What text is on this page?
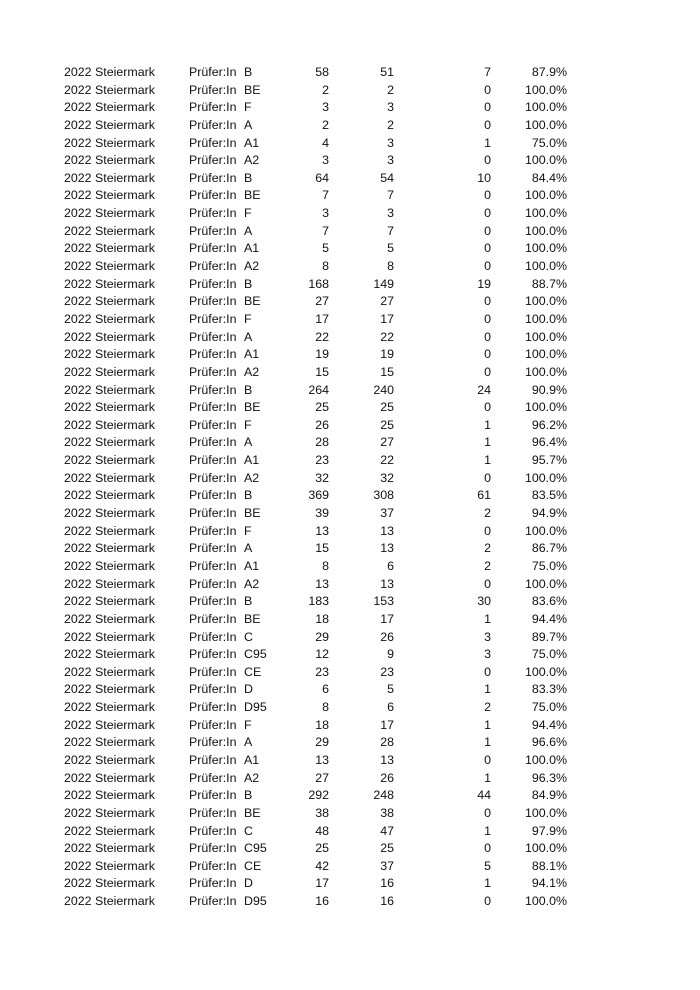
2022 Steiermark	Prüfer:In B	58	51	7	87.9%
2022 Steiermark	Prüfer:In BE	2	2	0	100.0%
2022 Steiermark	Prüfer:In F	3	3	0	100.0%
2022 Steiermark	Prüfer:In A	2	2	0	100.0%
2022 Steiermark	Prüfer:In A1	4	3	1	75.0%
2022 Steiermark	Prüfer:In A2	3	3	0	100.0%
2022 Steiermark	Prüfer:In B	64	54	10	84.4%
2022 Steiermark	Prüfer:In BE	7	7	0	100.0%
2022 Steiermark	Prüfer:In F	3	3	0	100.0%
2022 Steiermark	Prüfer:In A	7	7	0	100.0%
2022 Steiermark	Prüfer:In A1	5	5	0	100.0%
2022 Steiermark	Prüfer:In A2	8	8	0	100.0%
2022 Steiermark	Prüfer:In B	168	149	19	88.7%
2022 Steiermark	Prüfer:In BE	27	27	0	100.0%
2022 Steiermark	Prüfer:In F	17	17	0	100.0%
2022 Steiermark	Prüfer:In A	22	22	0	100.0%
2022 Steiermark	Prüfer:In A1	19	19	0	100.0%
2022 Steiermark	Prüfer:In A2	15	15	0	100.0%
2022 Steiermark	Prüfer:In B	264	240	24	90.9%
2022 Steiermark	Prüfer:In BE	25	25	0	100.0%
2022 Steiermark	Prüfer:In F	26	25	1	96.2%
2022 Steiermark	Prüfer:In A	28	27	1	96.4%
2022 Steiermark	Prüfer:In A1	23	22	1	95.7%
2022 Steiermark	Prüfer:In A2	32	32	0	100.0%
2022 Steiermark	Prüfer:In B	369	308	61	83.5%
2022 Steiermark	Prüfer:In BE	39	37	2	94.9%
2022 Steiermark	Prüfer:In F	13	13	0	100.0%
2022 Steiermark	Prüfer:In A	15	13	2	86.7%
2022 Steiermark	Prüfer:In A1	8	6	2	75.0%
2022 Steiermark	Prüfer:In A2	13	13	0	100.0%
2022 Steiermark	Prüfer:In B	183	153	30	83.6%
2022 Steiermark	Prüfer:In BE	18	17	1	94.4%
2022 Steiermark	Prüfer:In C	29	26	3	89.7%
2022 Steiermark	Prüfer:In C95	12	9	3	75.0%
2022 Steiermark	Prüfer:In CE	23	23	0	100.0%
2022 Steiermark	Prüfer:In D	6	5	1	83.3%
2022 Steiermark	Prüfer:In D95	8	6	2	75.0%
2022 Steiermark	Prüfer:In F	18	17	1	94.4%
2022 Steiermark	Prüfer:In A	29	28	1	96.6%
2022 Steiermark	Prüfer:In A1	13	13	0	100.0%
2022 Steiermark	Prüfer:In A2	27	26	1	96.3%
2022 Steiermark	Prüfer:In B	292	248	44	84.9%
2022 Steiermark	Prüfer:In BE	38	38	0	100.0%
2022 Steiermark	Prüfer:In C	48	47	1	97.9%
2022 Steiermark	Prüfer:In C95	25	25	0	100.0%
2022 Steiermark	Prüfer:In CE	42	37	5	88.1%
2022 Steiermark	Prüfer:In D	17	16	1	94.1%
2022 Steiermark	Prüfer:In D95	16	16	0	100.0%
